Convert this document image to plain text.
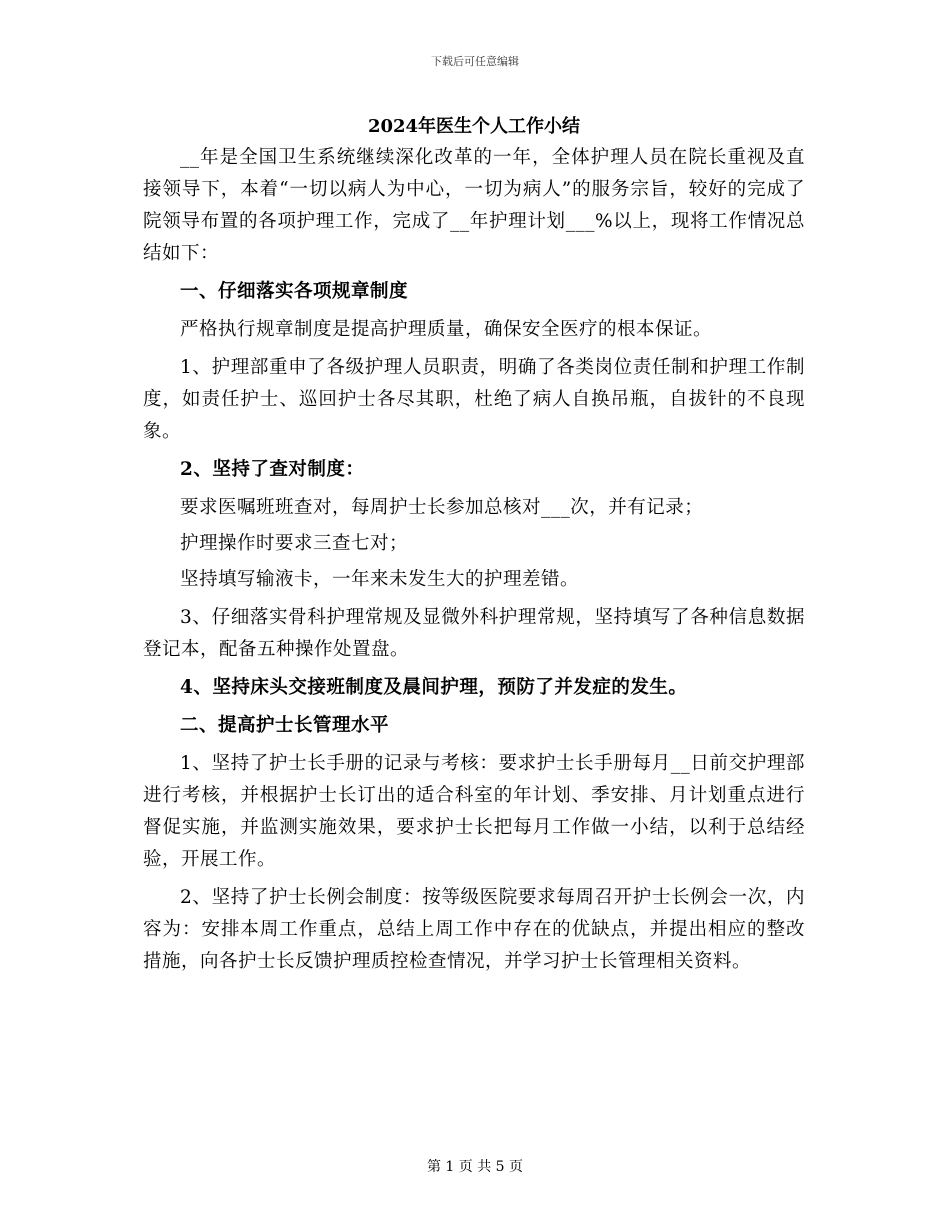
下载后可任意编辑

2024年医生个人工作小结

__年是全国卫生系统继续深化改革的一年，全体护理人员在院长重视及直接领导下，本着“一切以病人为中心，一切为病人”的服务宗旨，较好的完成了院领导布置的各项护理工作，完成了__年护理计划___%以上，现将工作情况总结如下：

一、仔细落实各项规章制度

严格执行规章制度是提高护理质量，确保安全医疗的根本保证。

1、护理部重申了各级护理人员职责，明确了各类岗位责任制和护理工作制度，如责任护士、巡回护士各尽其职，杜绝了病人自换吊瓶，自拔针的不良现象。

2、坚持了查对制度：

要求医嘱班班查对，每周护士长参加总核对___次，并有记录；

护理操作时要求三查七对；

坚持填写输液卡，一年来未发生大的护理差错。

3、仔细落实骨科护理常规及显微外科护理常规，坚持填写了各种信息数据登记本，配备五种操作处置盘。

4、坚持床头交接班制度及晨间护理，预防了并发症的发生。

二、提高护士长管理水平

1、坚持了护士长手册的记录与考核：要求护士长手册每月__日前交护理部进行考核，并根据护士长订出的适合科室的年计划、季安排、月计划重点进行督促实施，并监测实施效果，要求护士长把每月工作做一小结，以利于总结经验，开展工作。

2、坚持了护士长例会制度：按等级医院要求每周召开护士长例会一次，内容为：安排本周工作重点，总结上周工作中存在的优缺点，并提出相应的整改措施，向各护士长反馈护理质控检查情况，并学习护士长管理相关资料。

第 1 页 共 5 页
